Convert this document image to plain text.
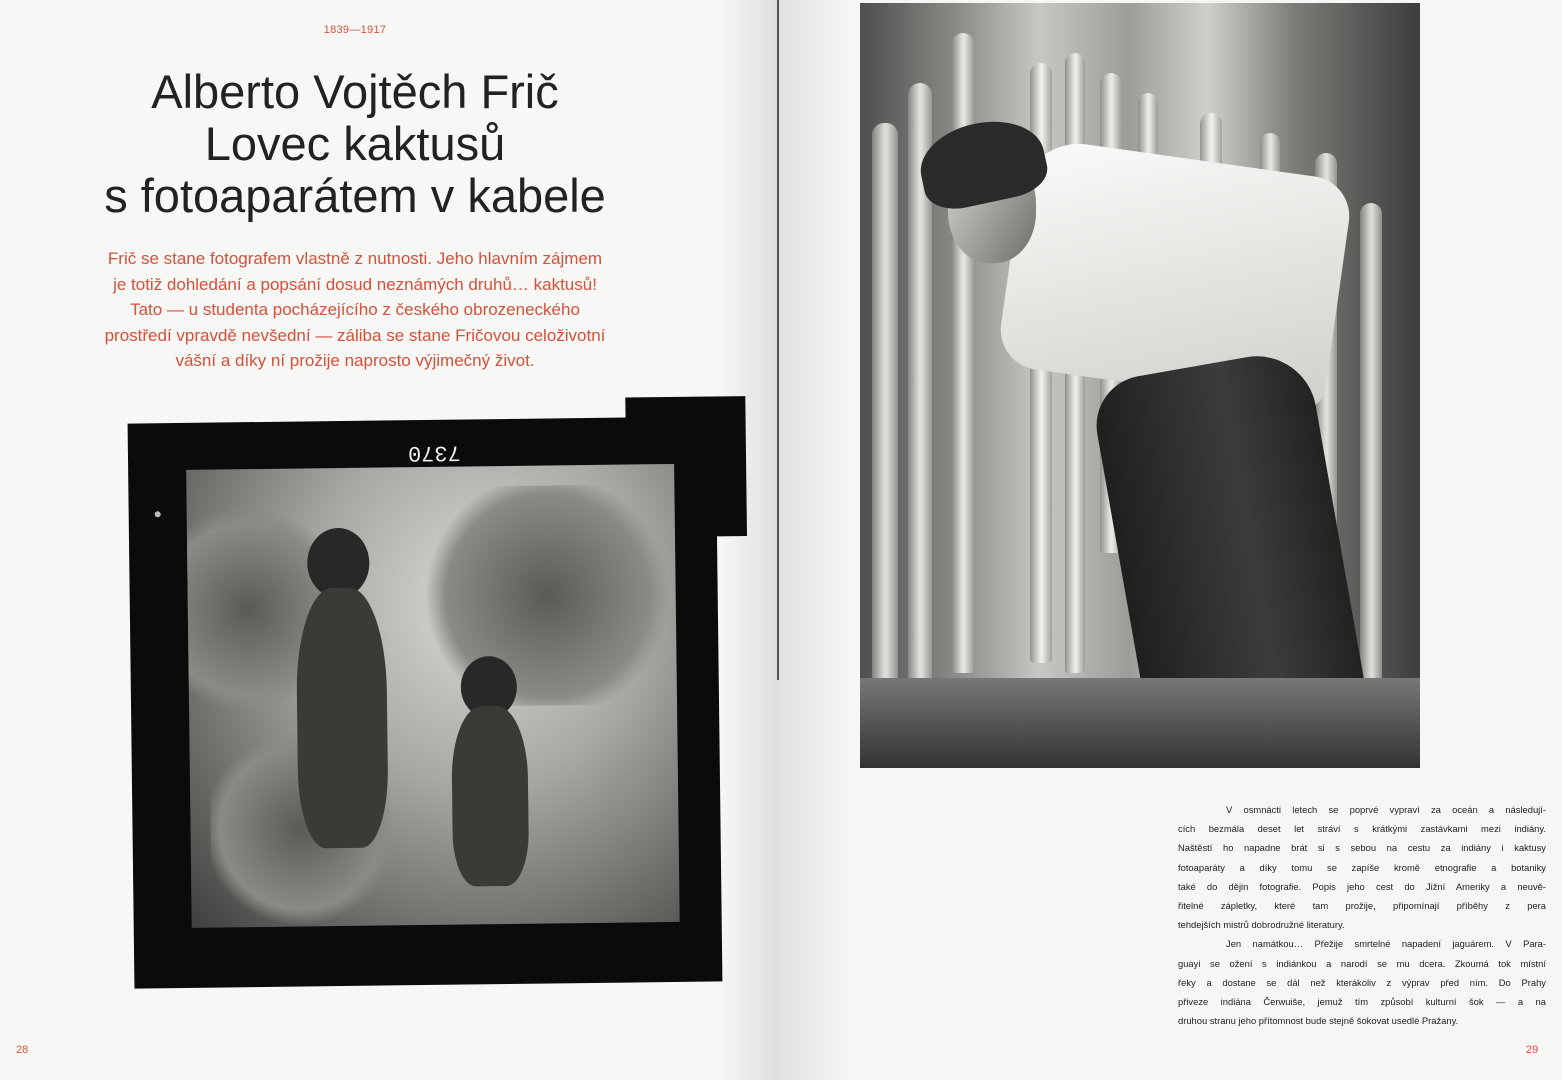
1839—1917
Alberto Vojtěch Frič
Lovec kaktusů
s fotoaparátem v kabele
Frič se stane fotografem vlastně z nutnosti. Jeho hlavním zájmem
je totiž dohledání a popsání dosud neznámých druhů… kaktusů!
Tato — u studenta pocházejícího z českého obrozeneckého
prostředí vpravdě nevšední — záliba se stane Fričovou celoživotní
vášní a díky ní prožije naprosto výjimečný život.
7370
28
V osmnácti letech se poprvé vypraví za oceán a následují-
cích bezmála deset let stráví s krátkými zastávkami mezi indiány.
Naštěstí ho napadne brát si s sebou na cestu za indiány i kaktusy
fotoaparáty a díky tomu se zapíše kromě etnografie a botaniky
také do dějin fotografie. Popis jeho cest do Jižní Ameriky a neuvě-
řitelné zápletky, které tam prožije, připomínají příběhy z pera
tehdejších mistrů dobrodružné literatury.
Jen namátkou… Přežije smrtelné napadení jaguárem. V Para-
guayi se ožení s indiánkou a narodí se mu dcera. Zkoumá tok místní
řeky a dostane se dál než kterákoliv z výprav před ním. Do Prahy
přiveze indiána Čerwuiše, jemuž tím způsobí kulturní šok — a na
druhou stranu jeho přítomnost bude stejně šokovat usedlé Pražany.
29
